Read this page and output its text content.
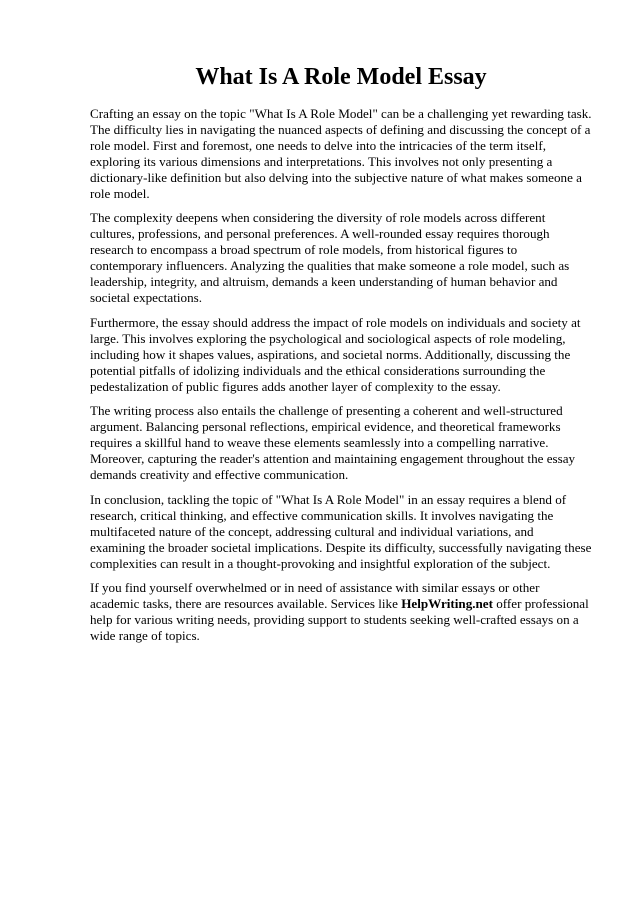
What Is A Role Model Essay

Crafting an essay on the topic "What Is A Role Model" can be a challenging yet rewarding task. The difficulty lies in navigating the nuanced aspects of defining and discussing the concept of a role model. First and foremost, one needs to delve into the intricacies of the term itself, exploring its various dimensions and interpretations. This involves not only presenting a dictionary-like definition but also delving into the subjective nature of what makes someone a role model.

The complexity deepens when considering the diversity of role models across different cultures, professions, and personal preferences. A well-rounded essay requires thorough research to encompass a broad spectrum of role models, from historical figures to contemporary influencers. Analyzing the qualities that make someone a role model, such as leadership, integrity, and altruism, demands a keen understanding of human behavior and societal expectations.

Furthermore, the essay should address the impact of role models on individuals and society at large. This involves exploring the psychological and sociological aspects of role modeling, including how it shapes values, aspirations, and societal norms. Additionally, discussing the potential pitfalls of idolizing individuals and the ethical considerations surrounding the pedestalization of public figures adds another layer of complexity to the essay.

The writing process also entails the challenge of presenting a coherent and well-structured argument. Balancing personal reflections, empirical evidence, and theoretical frameworks requires a skillful hand to weave these elements seamlessly into a compelling narrative. Moreover, capturing the reader's attention and maintaining engagement throughout the essay demands creativity and effective communication.

In conclusion, tackling the topic of "What Is A Role Model" in an essay requires a blend of research, critical thinking, and effective communication skills. It involves navigating the multifaceted nature of the concept, addressing cultural and individual variations, and examining the broader societal implications. Despite its difficulty, successfully navigating these complexities can result in a thought-provoking and insightful exploration of the subject.

If you find yourself overwhelmed or in need of assistance with similar essays or other academic tasks, there are resources available. Services like HelpWriting.net offer professional help for various writing needs, providing support to students seeking well-crafted essays on a wide range of topics.
